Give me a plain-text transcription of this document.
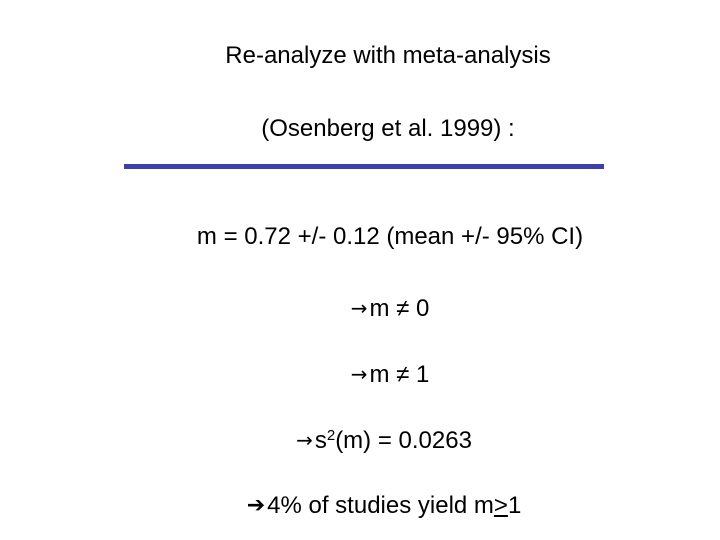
Re-analyze with meta-analysis
(Osenberg et al. 1999) :
m = 0.72 +/- 0.12 (mean +/- 95% CI)
→m ≠ 0
→m ≠ 1
$\to s^2(m) = 0.0263$
➔4% of studies yield m>1
